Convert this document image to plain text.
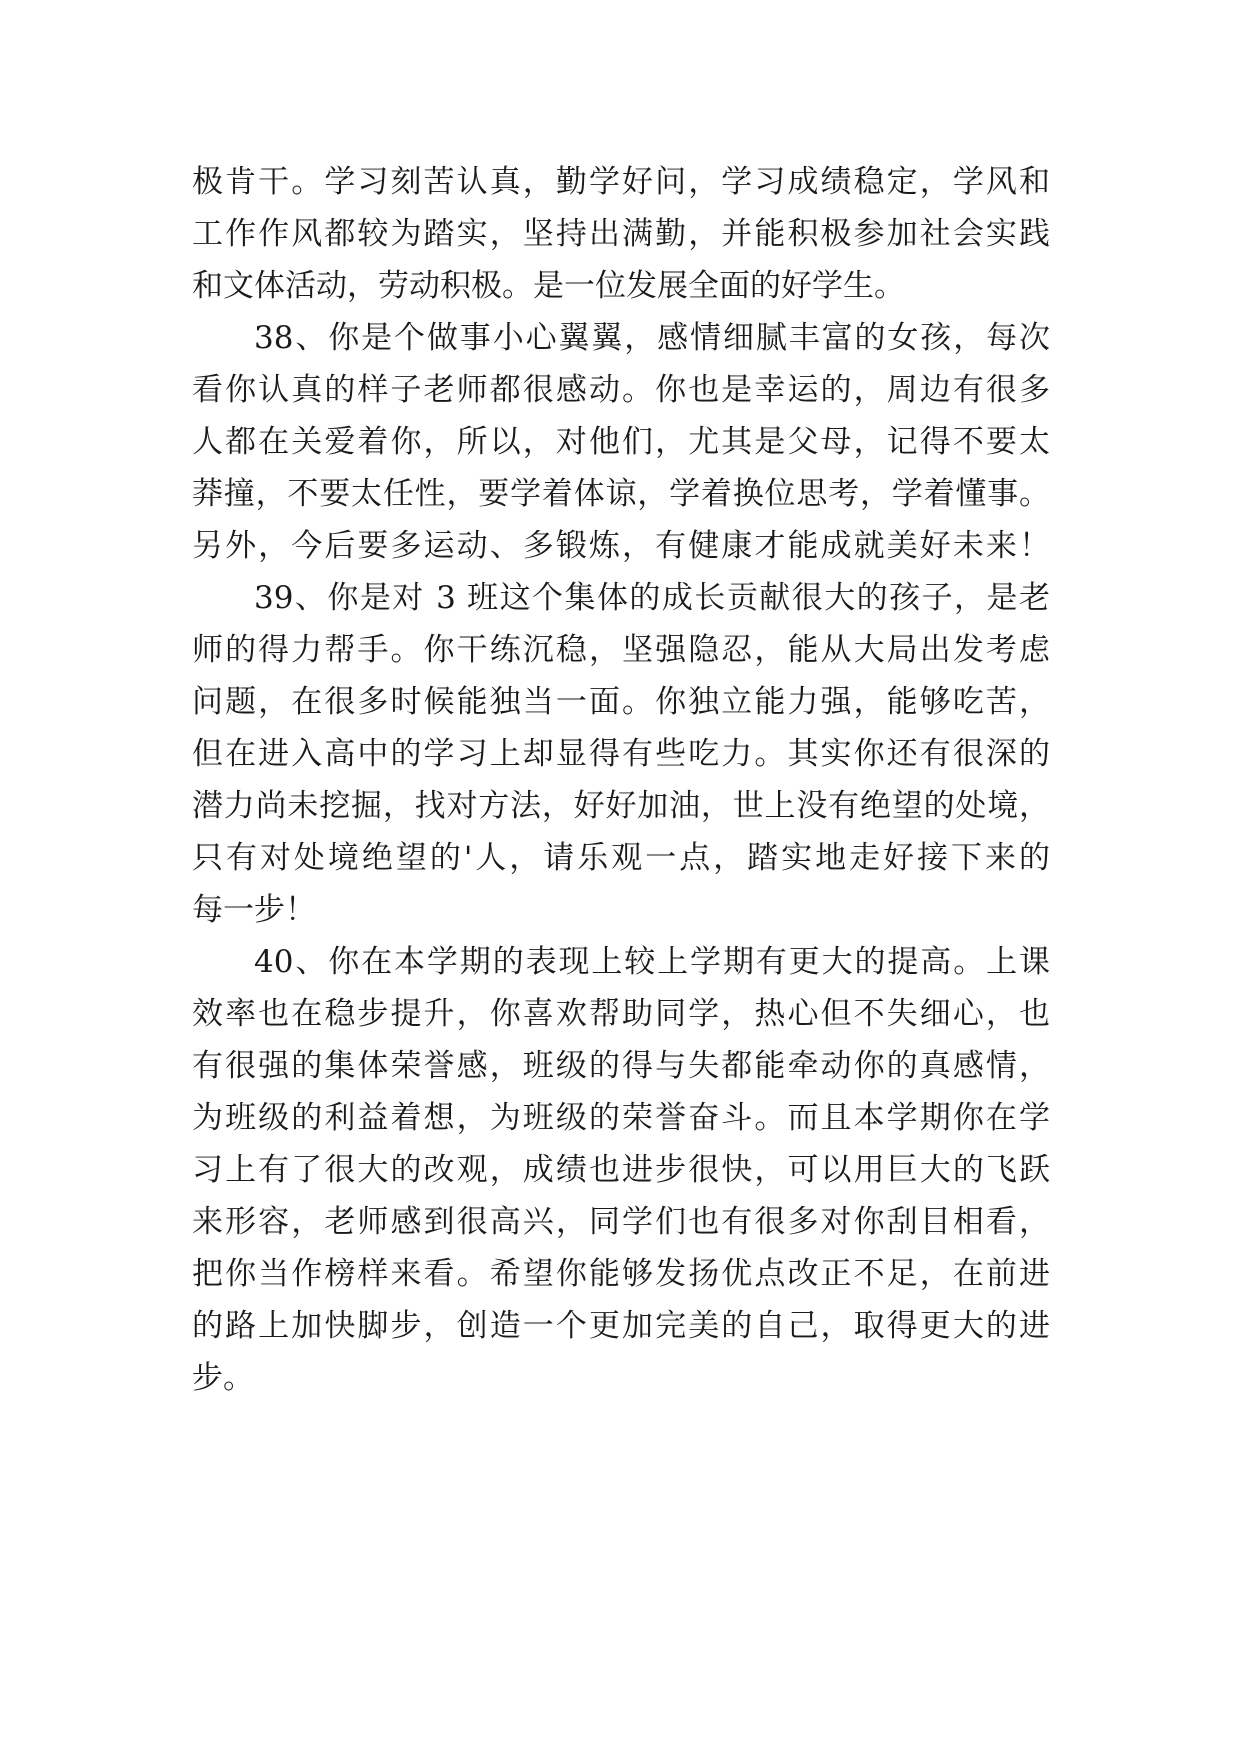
极肯干。学习刻苦认真，勤学好问，学习成绩稳定，学风和
工作作风都较为踏实，坚持出满勤，并能积极参加社会实践
和文体活动，劳动积极。是一位发展全面的好学生。
38、你是个做事小心翼翼，感情细腻丰富的女孩，每次
看你认真的样子老师都很感动。你也是幸运的，周边有很多
人都在关爱着你，所以，对他们，尤其是父母，记得不要太
莽撞，不要太任性，要学着体谅，学着换位思考，学着懂事。
另外，今后要多运动、多锻炼，有健康才能成就美好未来！
39、你是对 3 班这个集体的成长贡献很大的孩子，是老
师的得力帮手。你干练沉稳，坚强隐忍，能从大局出发考虑
问题，在很多时候能独当一面。你独立能力强，能够吃苦，
但在进入高中的学习上却显得有些吃力。其实你还有很深的
潜力尚未挖掘，找对方法，好好加油，世上没有绝望的处境，
只有对处境绝望的'人，请乐观一点，踏实地走好接下来的
每一步！
40、你在本学期的表现上较上学期有更大的提高。上课
效率也在稳步提升，你喜欢帮助同学，热心但不失细心，也
有很强的集体荣誉感，班级的得与失都能牵动你的真感情，
为班级的利益着想，为班级的荣誉奋斗。而且本学期你在学
习上有了很大的改观，成绩也进步很快，可以用巨大的飞跃
来形容，老师感到很高兴，同学们也有很多对你刮目相看，
把你当作榜样来看。希望你能够发扬优点改正不足，在前进
的路上加快脚步，创造一个更加完美的自己，取得更大的进
步。
